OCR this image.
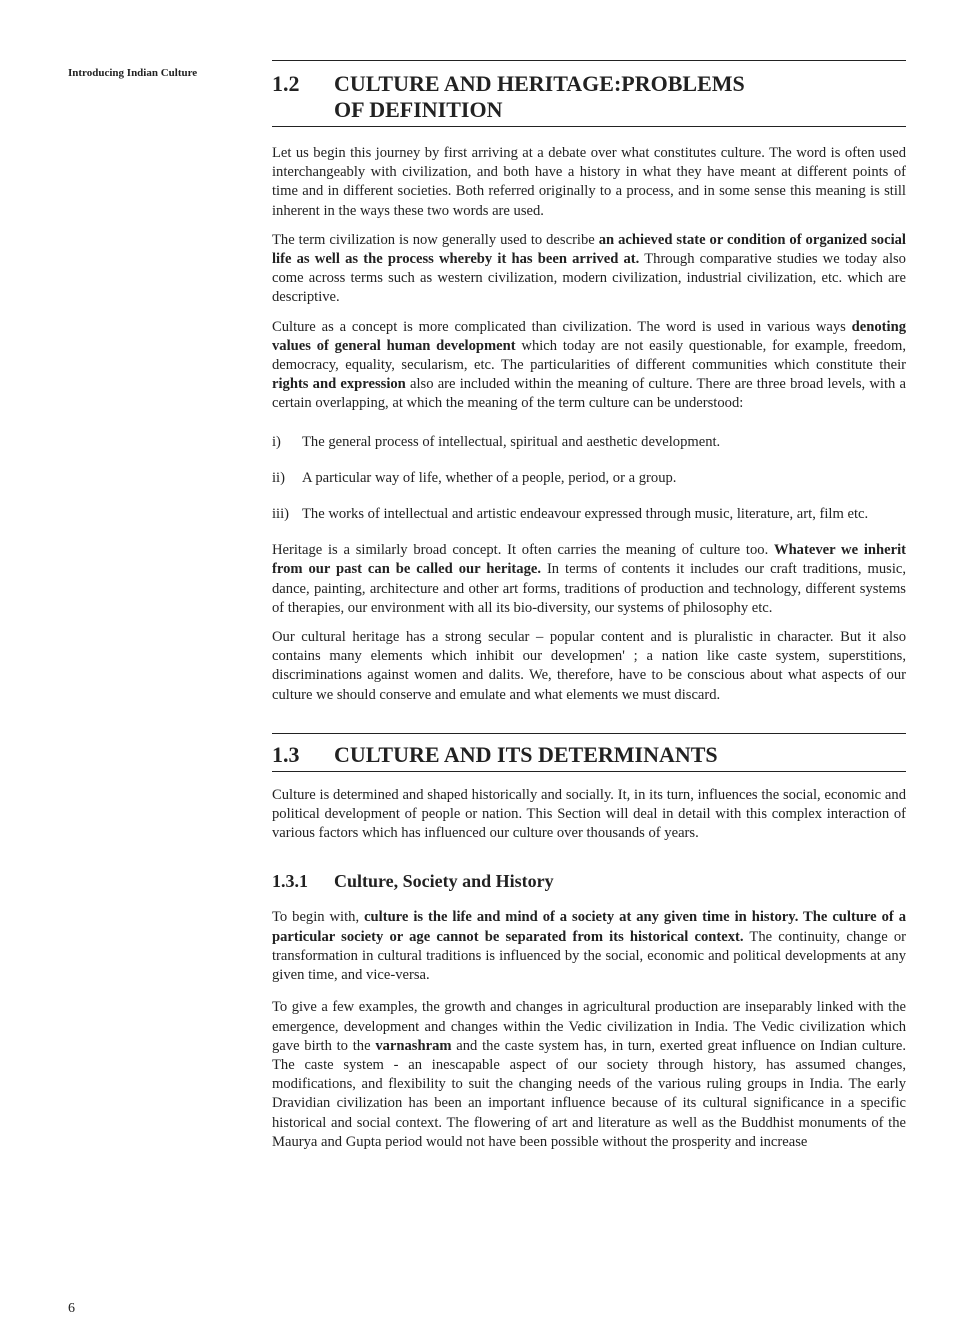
Introducing Indian Culture
6
1.2	CULTURE AND HERITAGE:PROBLEMS
OF DEFINITION

Let us begin this journey by first arriving at a debate over what constitutes culture. The word is often used interchangeably with civilization, and both have a history in what they have meant at different points of time and in different societies. Both referred originally to a process, and in some sense this meaning is still inherent in the ways these two words are used.

The term civilization is now generally used to describe an achieved state or condition of organized social life as well as the process whereby it has been arrived at. Through comparative studies we today also come across terms such as western civilization, modern civilization, industrial civilization, etc. which are descriptive.

Culture as a concept is more complicated than civilization. The word is used in various ways denoting values of general human development which today are not easily questionable, for example, freedom, democracy, equality, secularism, etc. The particularities of different communities which constitute their rights and expression also are included within the meaning of culture. There are three broad levels, with a certain overlapping, at which the meaning of the term culture can be understood:

i)	The general process of intellectual, spiritual and aesthetic development.
ii)	A particular way of life, whether of a people, period, or a group.
iii) The works of intellectual and artistic endeavour expressed through music, literature, art, film etc.

Heritage is a similarly broad concept. It often carries the meaning of culture too. Whatever we inherit from our past can be called our heritage. In terms of contents it includes our craft traditions, music, dance, painting, architecture and other art forms, traditions of production and technology, different systems of therapies, our environment with all its bio-diversity, our systems of philosophy etc.

Our cultural heritage has a strong secular – popular content and is pluralistic in character. But it also contains many elements which inhibit our developmen' ; a nation like caste system, superstitions, discriminations against women and dalits. We, therefore, have to be conscious about what aspects of our culture we should conserve and emulate and what elements we must discard.

1.3	CULTURE AND ITS DETERMINANTS

Culture is determined and shaped historically and socially. It, in its turn, influences the social, economic and political development of people or nation. This Section will deal in detail with this complex interaction of various factors which has influenced our culture over thousands of years.

1.3.1	Culture, Society and History

To begin with, culture is the life and mind of a society at any given time in history. The culture of a particular society or age cannot be separated from its historical context. The continuity, change or transformation in cultural traditions is influenced by the social, economic and political developments at any given time, and vice-versa.

To give a few examples, the growth and changes in agricultural production are inseparably linked with the emergence, development and changes within the Vedic civilization in India. The Vedic civilization which gave birth to the varnashram and the caste system has, in turn, exerted great influence on Indian culture. The caste system - an inescapable aspect of our society through history, has assumed changes, modifications, and flexibility to suit the changing needs of the various ruling groups in India. The early Dravidian civilization has been an important influence because of its cultural significance in a specific historical and social context. The flowering of art and literature as well as the Buddhist monuments of the Maurya and Gupta period would not have been possible without the prosperity and increase
